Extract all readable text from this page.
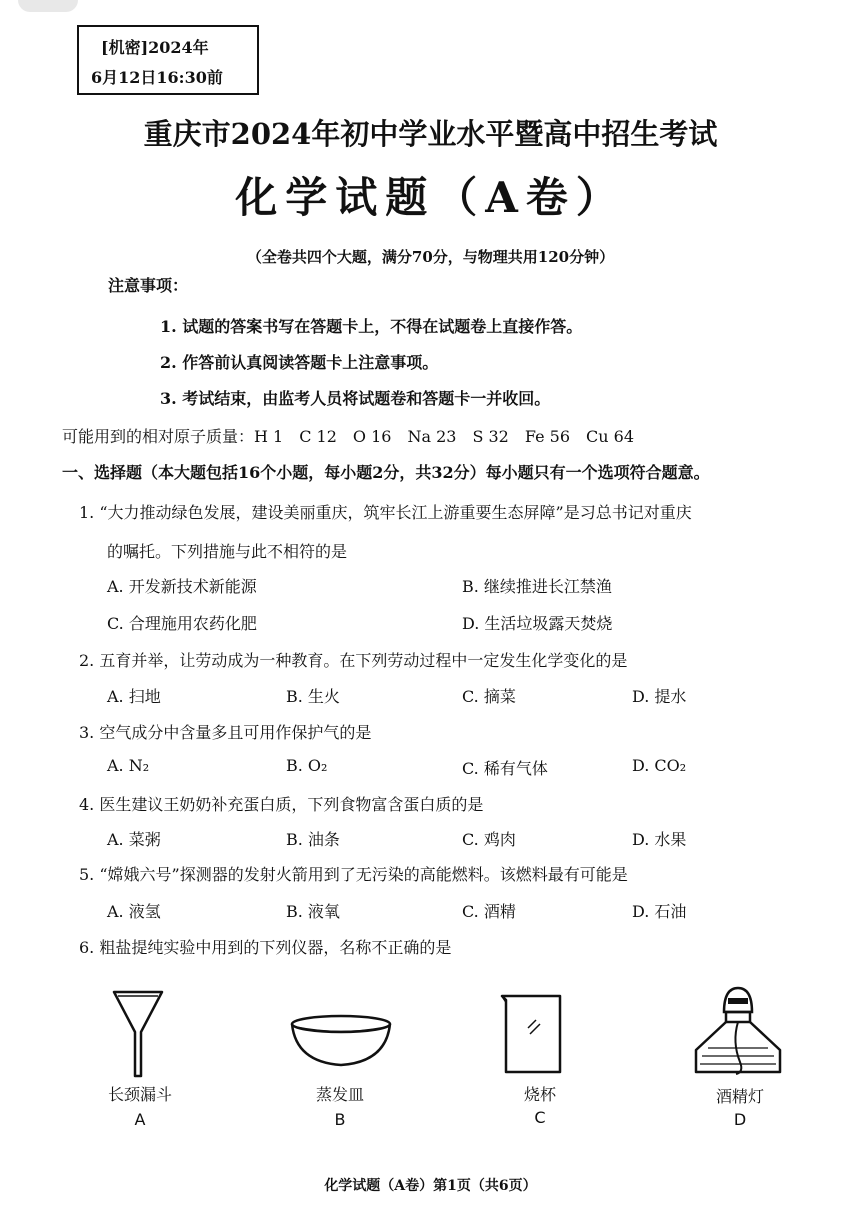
[机密]2024年
6月12日16:30前
重庆市2024年初中学业水平暨高中招生考试
化学试题（A卷）
（全卷共四个大题，满分70分，与物理共用120分钟）
注意事项：
1. 试题的答案书写在答题卡上，不得在试题卷上直接作答。
2. 作答前认真阅读答题卡上注意事项。
3. 考试结束，由监考人员将试题卷和答题卡一并收回。
可能用到的相对原子质量：H 1　C 12　O 16　Na 23　S 32　Fe 56　Cu 64
一、选择题（本大题包括16个小题，每小题2分，共32分）每小题只有一个选项符合题意。
1. “大力推动绿色发展，建设美丽重庆，筑牢长江上游重要生态屏障”是习总书记对重庆
的嘱托。下列措施与此不相符的是
A. 开发新技术新能源	B. 继续推进长江禁渔
C. 合理施用农药化肥	D. 生活垃圾露天焚烧
2. 五育并举，让劳动成为一种教育。在下列劳动过程中一定发生化学变化的是
A. 扫地	B. 生火	C. 摘菜	D. 提水
3. 空气成分中含量多且可用作保护气的是
A. N₂	B. O₂	C. 稀有气体	D. CO₂
4. 医生建议王奶奶补充蛋白质，下列食物富含蛋白质的是
A. 菜粥	B. 油条	C. 鸡肉	D. 水果
5. “嫦娥六号”探测器的发射火箭用到了无污染的高能燃料。该燃料最有可能是
A. 液氢	B. 液氧	C. 酒精	D. 石油
6. 粗盐提纯实验中用到的下列仪器，名称不正确的是
长颈漏斗
A
蒸发皿
B
烧杯
C
酒精灯
D
化学试题（A卷）第1页（共6页）
